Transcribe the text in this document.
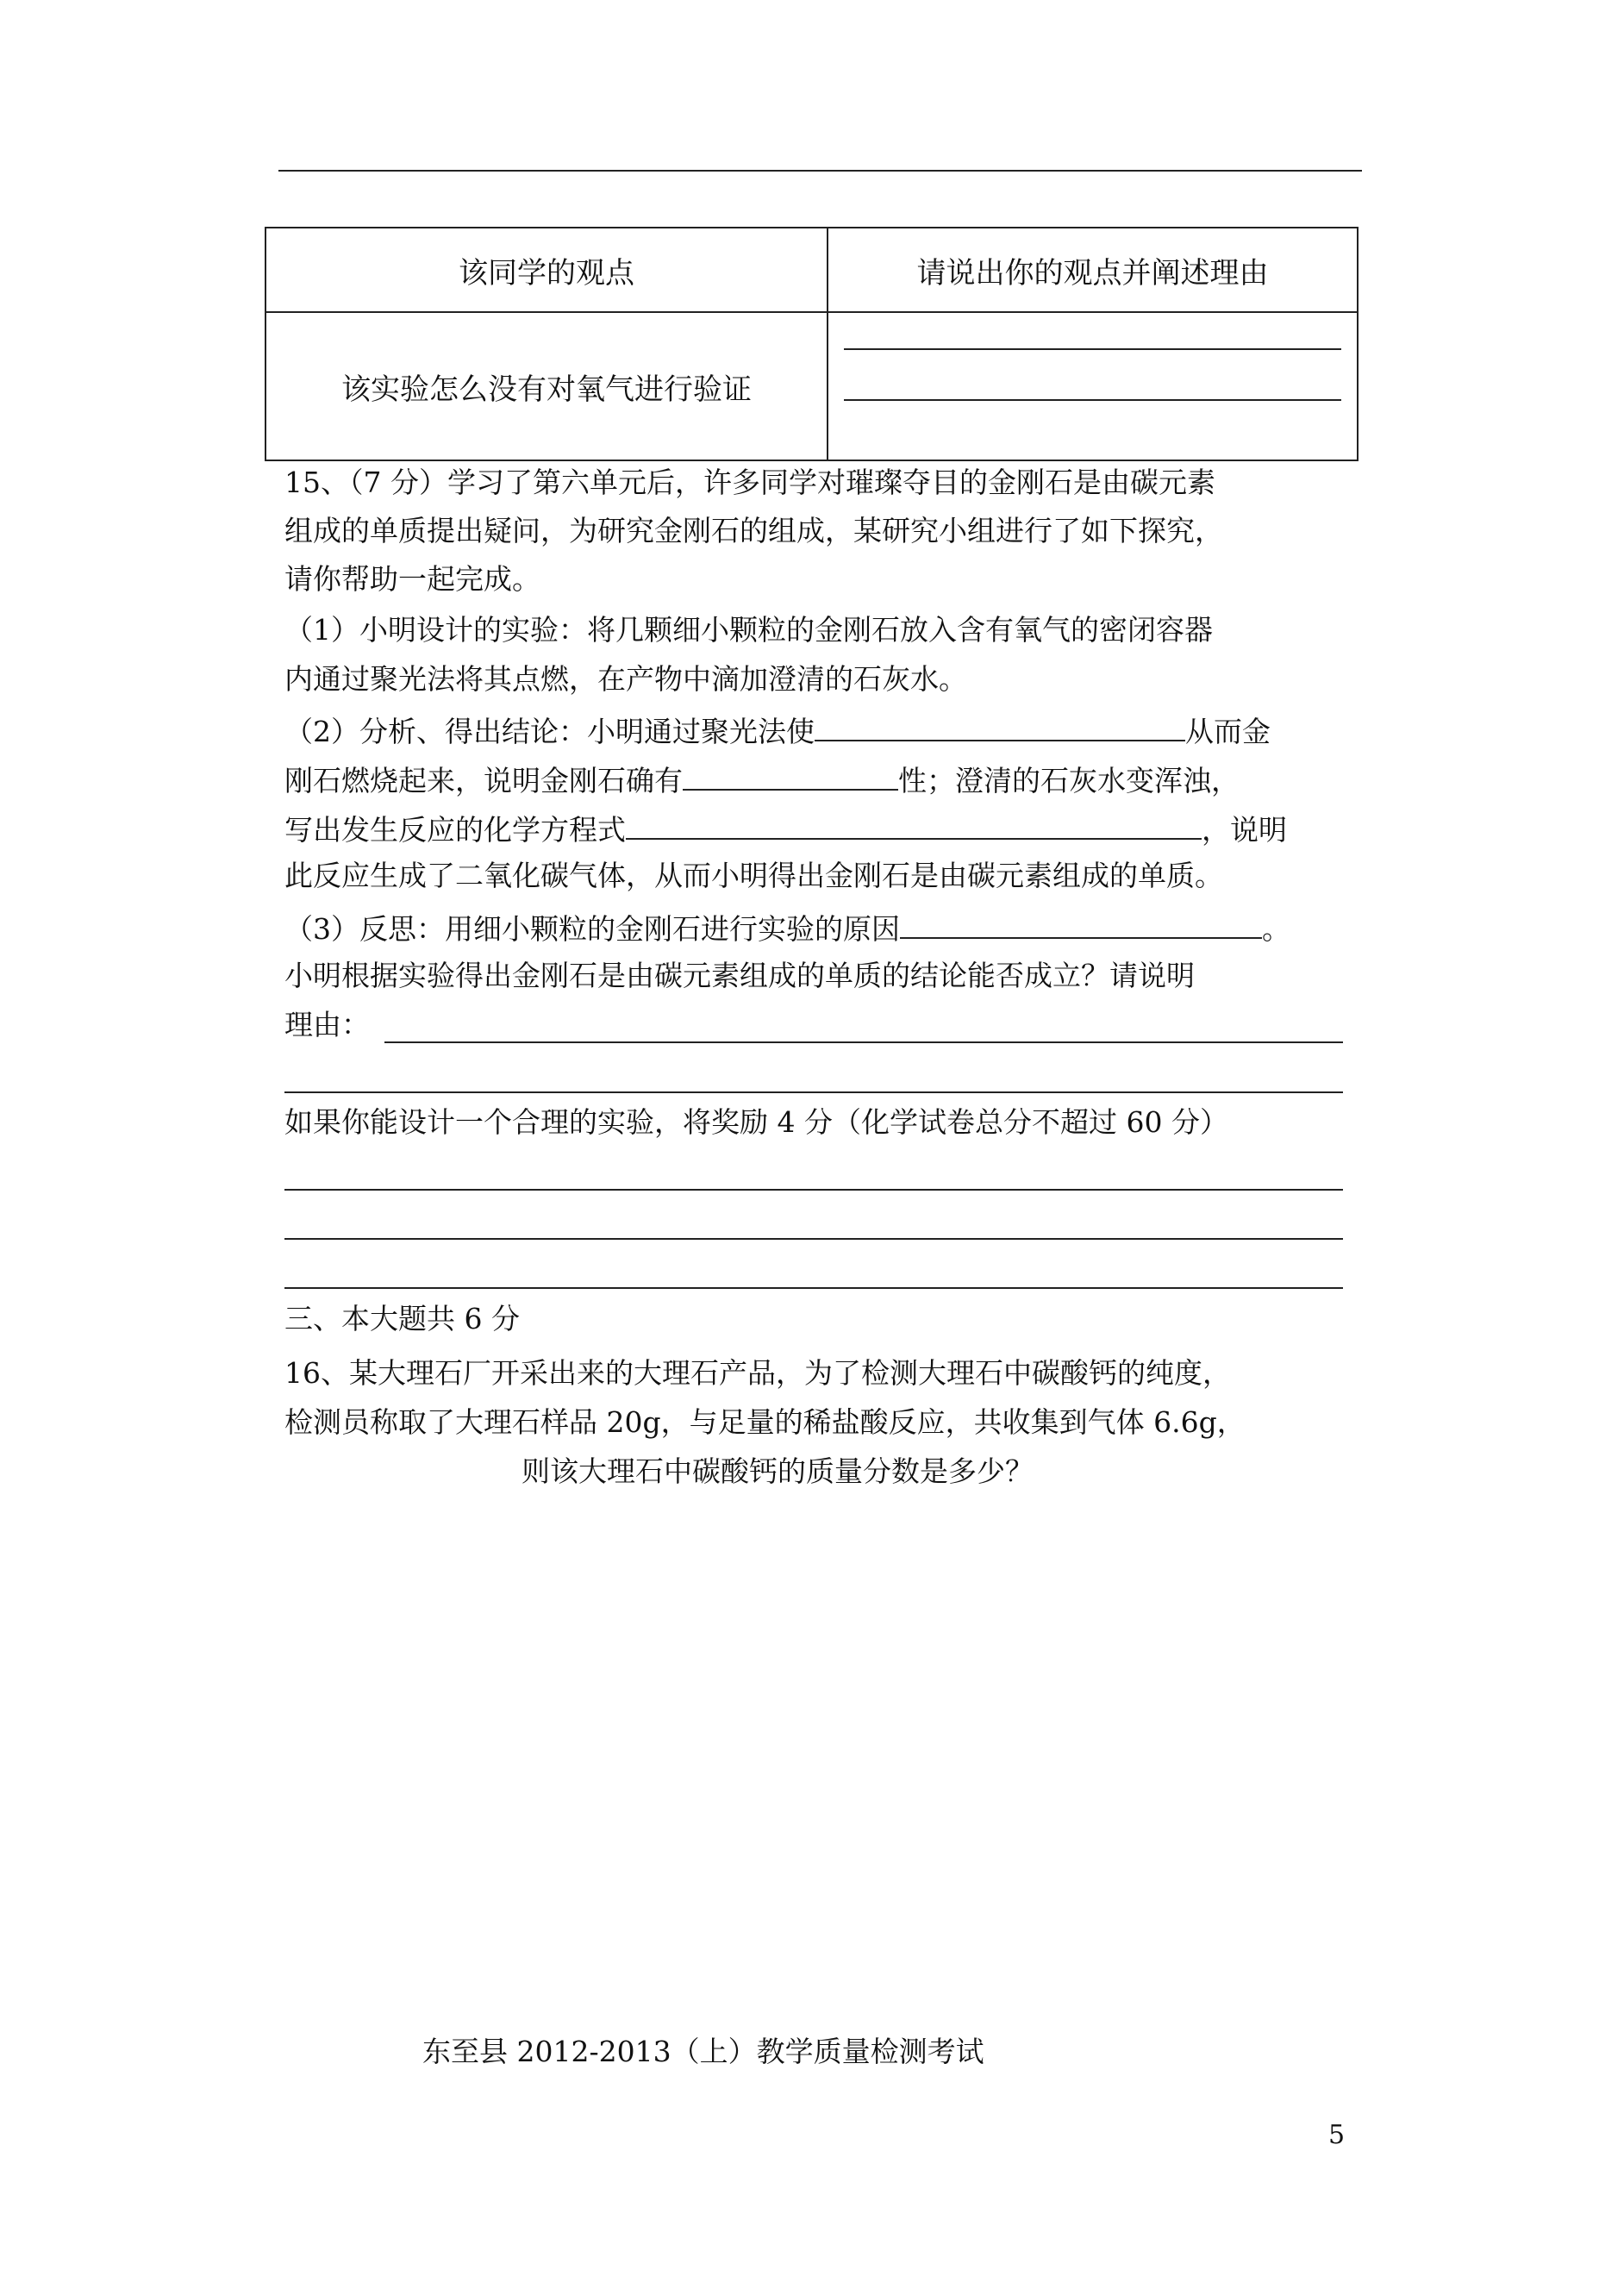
该同学的观点	请说出你的观点并阐述理由
该实验怎么没有对氧气进行验证	
15、（7 分）学习了第六单元后，许多同学对璀璨夺目的金刚石是由碳元素
组成的单质提出疑问，为研究金刚石的组成，某研究小组进行了如下探究，
请你帮助一起完成。
（1）小明设计的实验：将几颗细小颗粒的金刚石放入含有氧气的密闭容器
内通过聚光法将其点燃，在产物中滴加澄清的石灰水。
（2）分析、得出结论：小明通过聚光法使	从而金
刚石燃烧起来，说明金刚石确有	性；澄清的石灰水变浑浊，
写出发生反应的化学方程式	，说明
此反应生成了二氧化碳气体，从而小明得出金刚石是由碳元素组成的单质。
（3）反思：用细小颗粒的金刚石进行实验的原因	。
小明根据实验得出金刚石是由碳元素组成的单质的结论能否成立？请说明
理由：
如果你能设计一个合理的实验，将奖励 4 分（化学试卷总分不超过 60 分）
三、本大题共 6 分
16、某大理石厂开采出来的大理石产品，为了检测大理石中碳酸钙的纯度，
检测员称取了大理石样品 20g，与足量的稀盐酸反应，共收集到气体 6.6g，
则该大理石中碳酸钙的质量分数是多少？
东至县 2012-2013（上）教学质量检测考试
5
